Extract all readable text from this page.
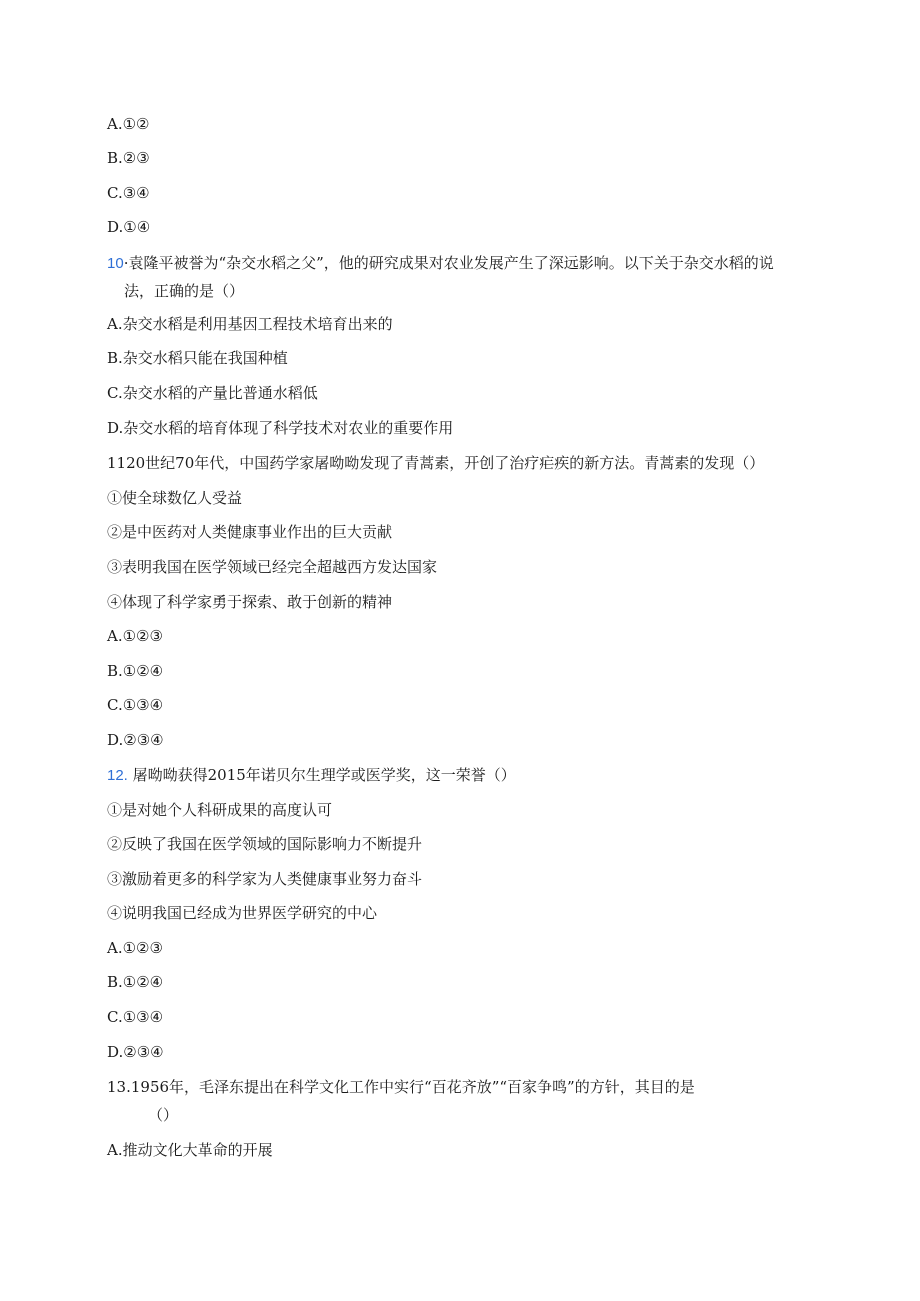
A.①②
B.②③
C.③④
D.①④
10·袁隆平被誉为“杂交水稻之父”，他的研究成果对农业发展产生了深远影响。以下关于杂交水稻的说
法，正确的是（）
A.杂交水稻是利用基因工程技术培育出来的
B.杂交水稻只能在我国种植
C.杂交水稻的产量比普通水稻低
D.杂交水稻的培育体现了科学技术对农业的重要作用
1120世纪70年代，中国药学家屠呦呦发现了青蒿素，开创了治疗疟疾的新方法。青蒿素的发现（）
①使全球数亿人受益
②是中医药对人类健康事业作出的巨大贡献
③表明我国在医学领域已经完全超越西方发达国家
④体现了科学家勇于探索、敢于创新的精神
A.①②③
B.①②④
C.①③④
D.②③④
12. 屠呦呦获得2015年诺贝尔生理学或医学奖，这一荣誉（）
①是对她个人科研成果的高度认可
②反映了我国在医学领域的国际影响力不断提升
③激励着更多的科学家为人类健康事业努力奋斗
④说明我国已经成为世界医学研究的中心
A.①②③
B.①②④
C.①③④
D.②③④
13.1956年，毛泽东提出在科学文化工作中实行“百花齐放”“百家争鸣”的方针，其目的是
（）
A.推动文化大革命的开展
